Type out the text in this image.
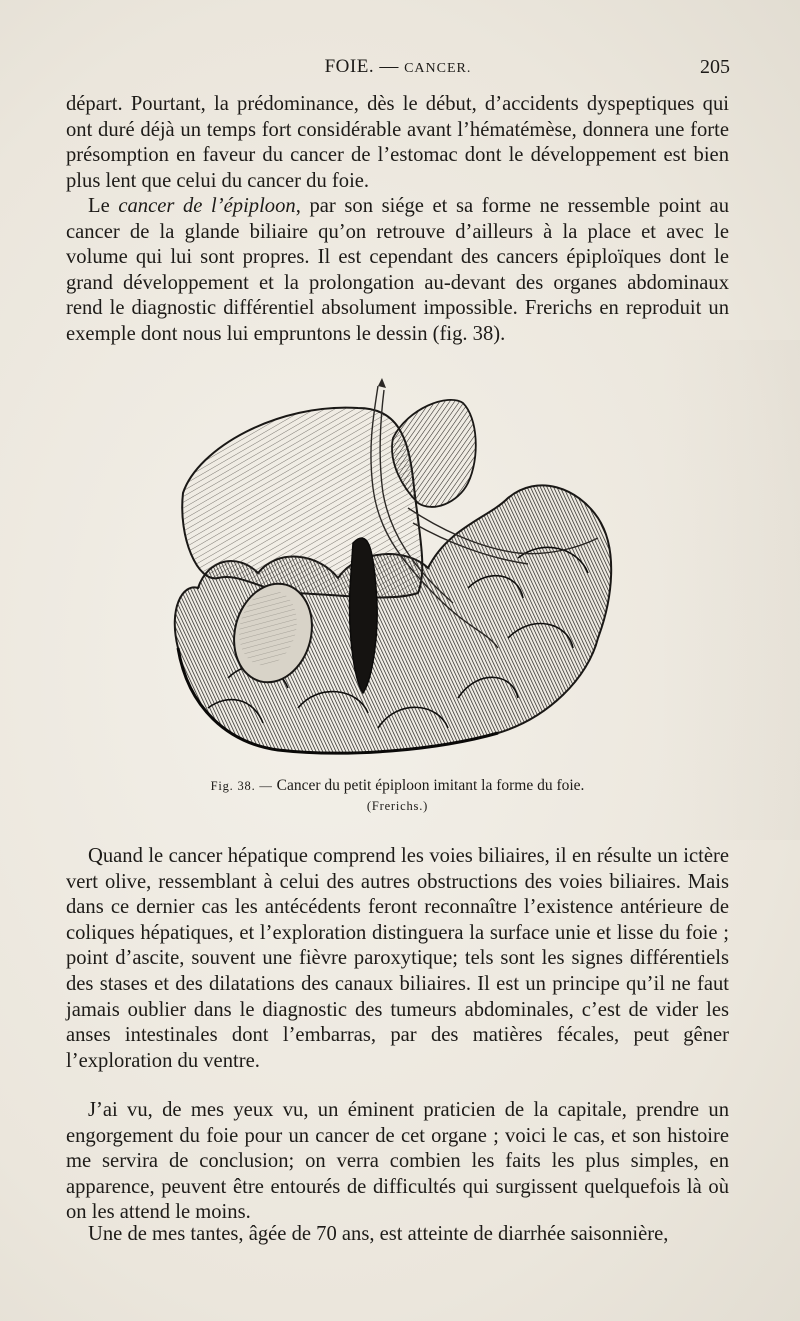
FOIE. — CANCER.	205

départ. Pourtant, la prédominance, dès le début, d’accidents dyspeptiques qui ont duré déjà un temps fort considérable avant l’hématémèse, donnera une forte présomption en faveur du cancer de l’estomac dont le développement est bien plus lent que celui du cancer du foie.

Le cancer de l’épiploon, par son siége et sa forme ne ressemble point au cancer de la glande biliaire qu’on retrouve d’ailleurs à la place et avec le volume qui lui sont propres. Il est cependant des cancers épiploïques dont le grand développement et la prolongation au-devant des organes abdominaux rend le diagnostic différentiel absolument impossible. Frerichs en reproduit un exemple dont nous lui empruntons le dessin (fig. 38).

Fig. 38. — Cancer du petit épiploon imitant la forme du foie.
(Frerichs.)

Quand le cancer hépatique comprend les voies biliaires, il en résulte un ictère vert olive, ressemblant à celui des autres obstructions des voies biliaires. Mais dans ce dernier cas les antécédents feront reconnaître l’existence antérieure de coliques hépatiques, et l’exploration distinguera la surface unie et lisse du foie ; point d’ascite, souvent une fièvre paroxytique; tels sont les signes différentiels des stases et des dilatations des canaux biliaires. Il est un principe qu’il ne faut jamais oublier dans le diagnostic des tumeurs abdominales, c’est de vider les anses intestinales dont l’embarras, par des matières fécales, peut gêner l’exploration du ventre.

J’ai vu, de mes yeux vu, un éminent praticien de la capitale, prendre un engorgement du foie pour un cancer de cet organe ; voici le cas, et son histoire me servira de conclusion; on verra combien les faits les plus simples, en apparence, peuvent être entourés de difficultés qui surgissent quelquefois là où on les attend le moins.

Une de mes tantes, âgée de 70 ans, est atteinte de diarrhée saisonnière,
